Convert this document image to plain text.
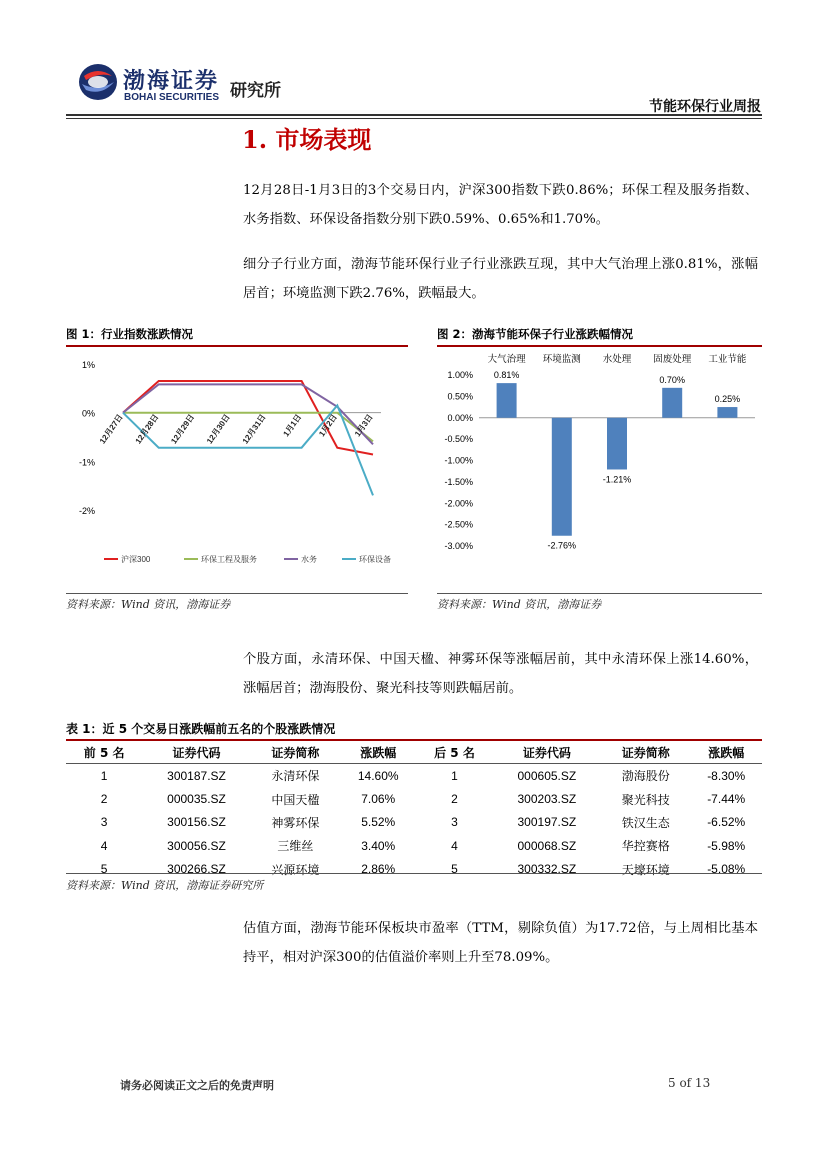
渤海证券
BOHAI SECURITIES 研究所
节能环保行业周报
1. 市场表现
12月28日-1月3日的3个交易日内，沪深300指数下跌0.86%；环保工程及服务指数、水务指数、环保设备指数分别下跌0.59%、0.65%和1.70%。
细分子行业方面，渤海节能环保行业子行业涨跌互现，其中大气治理上涨0.81%，涨幅居首；环境监测下跌2.76%，跌幅最大。
图 1：行业指数涨跌情况
1%
0%
-1%
-2%
12月27日 12月28日 12月29日 12月30日 12月31日 1月1日 1月2日 1月3日
沪深300	环保工程及服务	水务	环保设备
资料来源：Wind 资讯，渤海证券
图 2：渤海节能环保子行业涨跌幅情况
1.00%
0.50%
0.00%
-0.50%
-1.00%
-1.50%
-2.00%
-2.50%
-3.00%
0.81%
大气治理
-2.76%
环境监测
-1.21%
水处理
0.70%
固废处理
0.25%
工业节能
资料来源：Wind 资讯，渤海证券
个股方面，永清环保、中国天楹、神雾环保等涨幅居前，其中永清环保上涨14.60%，涨幅居首；渤海股份、聚光科技等则跌幅居前。
表 1：近 5 个交易日涨跌幅前五名的个股涨跌情况
前 5 名	证券代码	证券简称	涨跌幅	后 5 名	证券代码	证券简称	涨跌幅
1	300187.SZ	永清环保	14.60%	1	000605.SZ	渤海股份	-8.30%
2	000035.SZ	中国天楹	7.06%	2	300203.SZ	聚光科技	-7.44%
3	300156.SZ	神雾环保	5.52%	3	300197.SZ	铁汉生态	-6.52%
4	300056.SZ	三维丝	3.40%	4	000068.SZ	华控赛格	-5.98%
5	300266.SZ	兴源环境	2.86%	5	300332.SZ	天壕环境	-5.08%
资料来源：Wind 资讯，渤海证券研究所
估值方面，渤海节能环保板块市盈率（TTM，剔除负值）为17.72倍，与上周相比基本持平，相对沪深300的估值溢价率则上升至78.09%。
请务必阅读正文之后的免责声明	5 of 13
